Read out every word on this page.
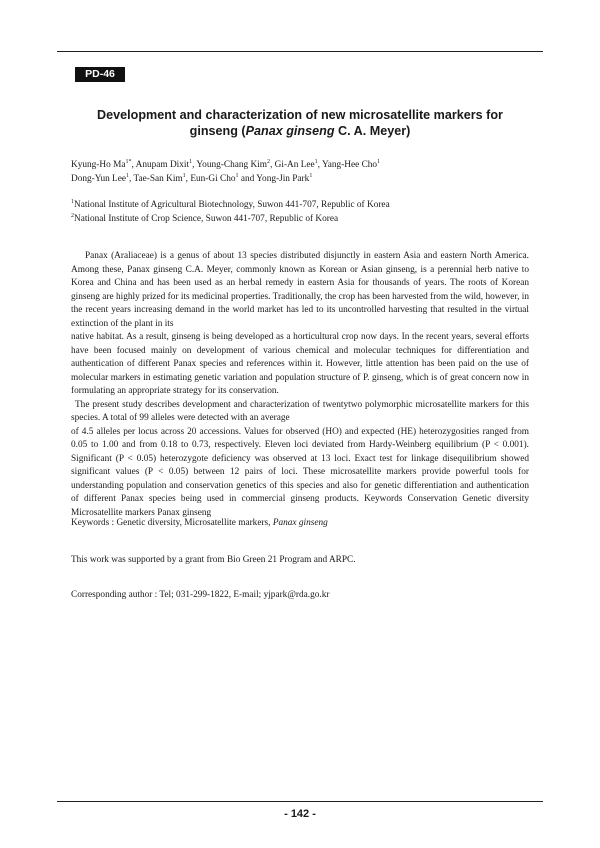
PD-46
Development and characterization of new microsatellite markers for
ginseng (Panax ginseng C. A. Meyer)
Kyung-Ho $Ma^{1*}$, Anupam Dixit$^1$, Young-Chang Kim$^2$, Gi-An Lee$^1$, Yang-Hee Cho$^1$
Dong-Yun Lee$^1$, Tae-San Kim$^1$, Eun-Gi Cho$^1$ and Yong-Jin Park$^1$
$^1$National Institute of Agricultural Biotechnology, Suwon 441-707, Republic of Korea
$^2$National Institute of Crop Science, Suwon 441-707, Republic of Korea

Panax (Araliaceae) is a genus of about 13 species distributed disjunctly in eastern Asia and eastern North America. Among these, Panax ginseng C.A. Meyer, commonly known as Korean or Asian ginseng, is a perennial herb native to Korea and China and has been used as an herbal remedy in eastern Asia for thousands of years. The roots of Korean ginseng are highly prized for its medicinal properties. Traditionally, the crop has been harvested from the wild, however, in the recent years increasing demand in the world market has led to its uncontrolled harvesting that resulted in the virtual extinction of the plant in its

native habitat. As a result, ginseng is being developed as a horticultural crop now days. In the recent years, several efforts have been focused mainly on development of various chemical and molecular techniques for differentiation and authentication of different Panax species and references within it. However, little attention has been paid on the use of molecular markers in estimating genetic variation and population structure of P. ginseng, which is of great concern now in formulating an appropriate strategy for its conservation.

The present study describes development and characterization of twentytwo polymorphic microsatellite markers for this species. A total of 99 alleles were detected with an average

of 4.5 alleles per locus across 20 accessions. Values for observed (HO) and expected (HE) heterozygosities ranged from 0.05 to 1.00 and from 0.18 to 0.73, respectively. Eleven loci deviated from Hardy-Weinberg equilibrium (P < 0.001). Significant (P < 0.05) heterozygote deficiency was observed at 13 loci. Exact test for linkage disequilibrium showed significant values (P < 0.05) between 12 pairs of loci. These microsatellite markers provide powerful tools for understanding population and conservation genetics of this species and also for genetic differentiation and authentication of different Panax species being used in commercial ginseng products. Keywords Conservation Genetic diversity Microsatellite markers Panax ginseng

Keywords : Genetic diversity, Microsatellite markers, Panax ginseng
This work was supported by a grant from Bio Green 21 Program and ARPC.
Corresponding author : Tel; 031-299-1822, E-mail; yjpark@rda.go.kr
- 142 -
